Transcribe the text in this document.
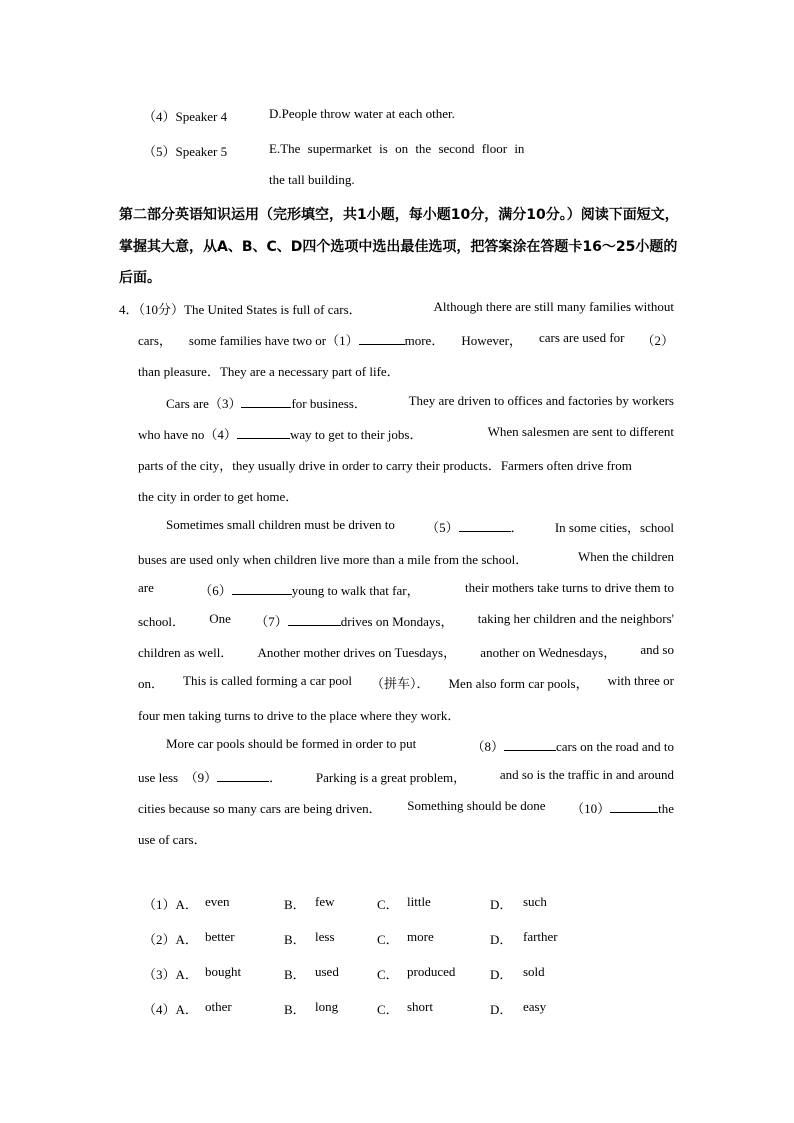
（4）Speaker 4	D.People throw water at each other.
（5）Speaker 5	E.The supermarket is on the second floor in
the tall building.
第二部分英语知识运用（完形填空，共1小题，每小题10分，满分10分。）阅读下面短文，
掌握其大意，从A、B、C、D四个选项中选出最佳选项，把答案涂在答题卡16～25小题的
后面。
4．（10分）The United States is full of cars．	Although there are still many families without
cars， some families have two or（1）	more． However， cars are used for （2）
than pleasure．They are a necessary part of life．
Cars are（3）	for business．	They are driven to offices and factories by workers
who have no（4）	way to get to their jobs．	When salesmen are sent to different
parts of the city，they usually drive in order to carry their products．Farmers often drive from
the city in order to get home．
Sometimes small children must be driven to （5）	． In some cities，school
buses are used only when children live more than a mile from the school．	When the children
are	（6）	young to walk that far，	their mothers take turns to drive them to
school． One （7）	drives on Mondays， taking her children and the neighbors'
children as well． Another mother drives on Tuesdays， another on Wednesdays， and so
on． This is called forming a car pool （拼车）． Men also form car pools， with three or
four men taking turns to drive to the place where they work．
More car pools should be formed in order to put	（8）	cars on the road and to
use less （9）	．	Parking is a great problem，	and so is the traffic in and around
cities because so many cars are being driven． Something should be done （10）	the
use of cars．
（1）A． even	B． few	C． little	D． such
（2）A． better	B． less	C． more	D． farther
（3）A． bought	B． used	C． produced	D． sold
（4）A． other	B． long	C． short	D． easy
